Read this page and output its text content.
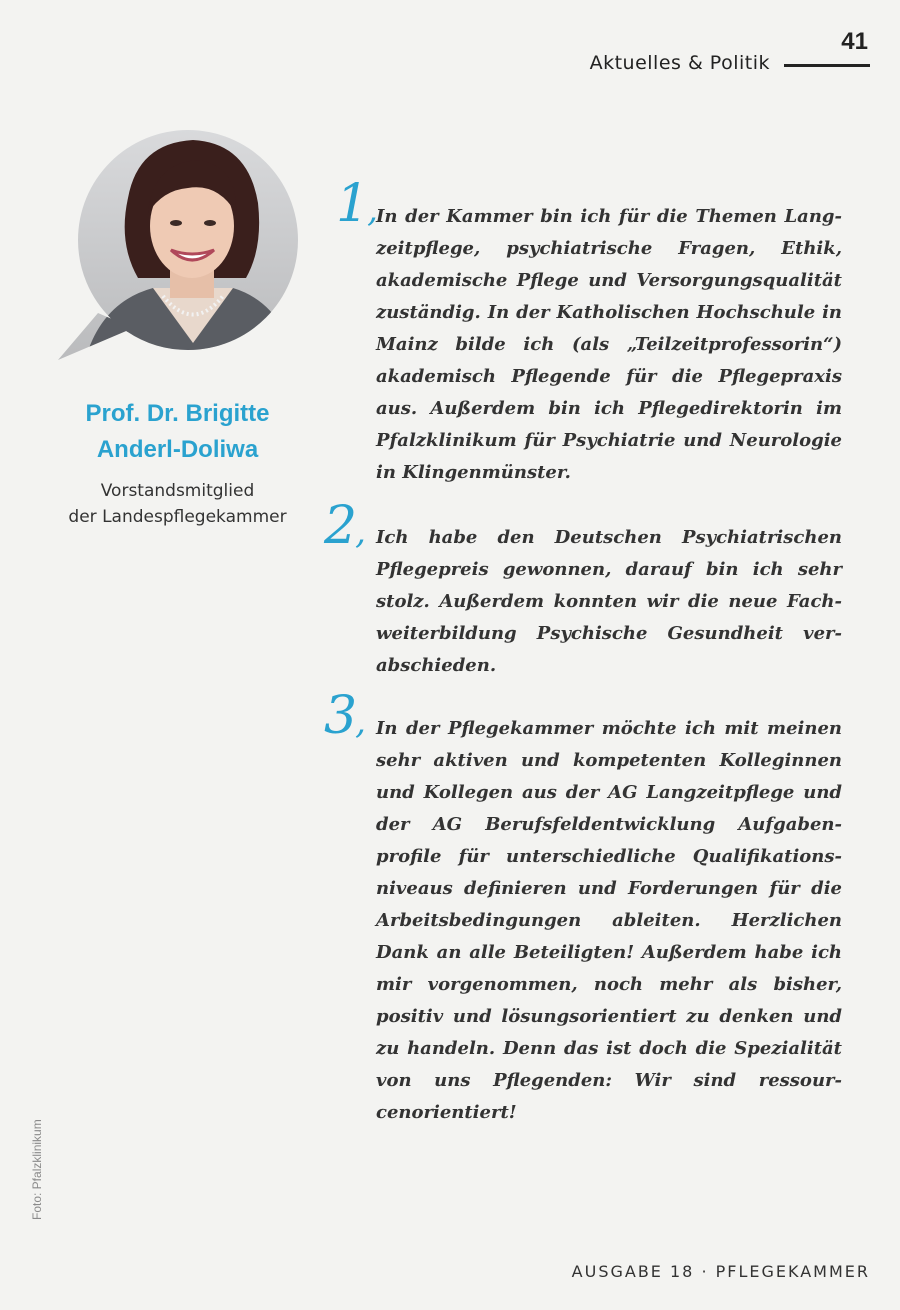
41
Aktuelles & Politik
Prof. Dr. Brigitte
Anderl-Doliwa
Vorstandsmitglied
der Landespflegekammer
1,
In der Kammer bin ich für die Themen Langzeitpflege, psychiatrische Fragen, Ethik, akademische Pflege und Versorgungsqualität zuständig. In der Katholischen Hochschule in Mainz bilde ich (als „Teilzeitprofessorin“) akademisch Pflegende für die Pflegepraxis aus. Außerdem bin ich Pflegedirektorin im Pfalzklinikum für Psychiatrie und Neurologie in Klingenmünster.
2, Ich habe den Deutschen Psychiatrischen Pflegepreis gewonnen, darauf bin ich sehr stolz. Außerdem konnten wir die neue Fachweiterbildung Psychische Gesundheit verabschieden.
3, In der Pflegekammer möchte ich mit meinen sehr aktiven und kompetenten Kolleginnen und Kollegen aus der AG Langzeitpflege und der AG Berufsfeldentwicklung Aufgabenprofile für unterschiedliche Qualifikationsniveaus definieren und Forderungen für die Arbeitsbedingungen ableiten. Herzlichen Dank an alle Beteiligten! Außerdem habe ich mir vorgenommen, noch mehr als bisher, positiv und lösungsorientiert zu denken und zu handeln. Denn das ist doch die Spezialität von uns Pflegenden: Wir sind ressourcenorientiert!
Foto: Pfalzklinikum
AUSGABE 18 · PFLEGEKAMMER
